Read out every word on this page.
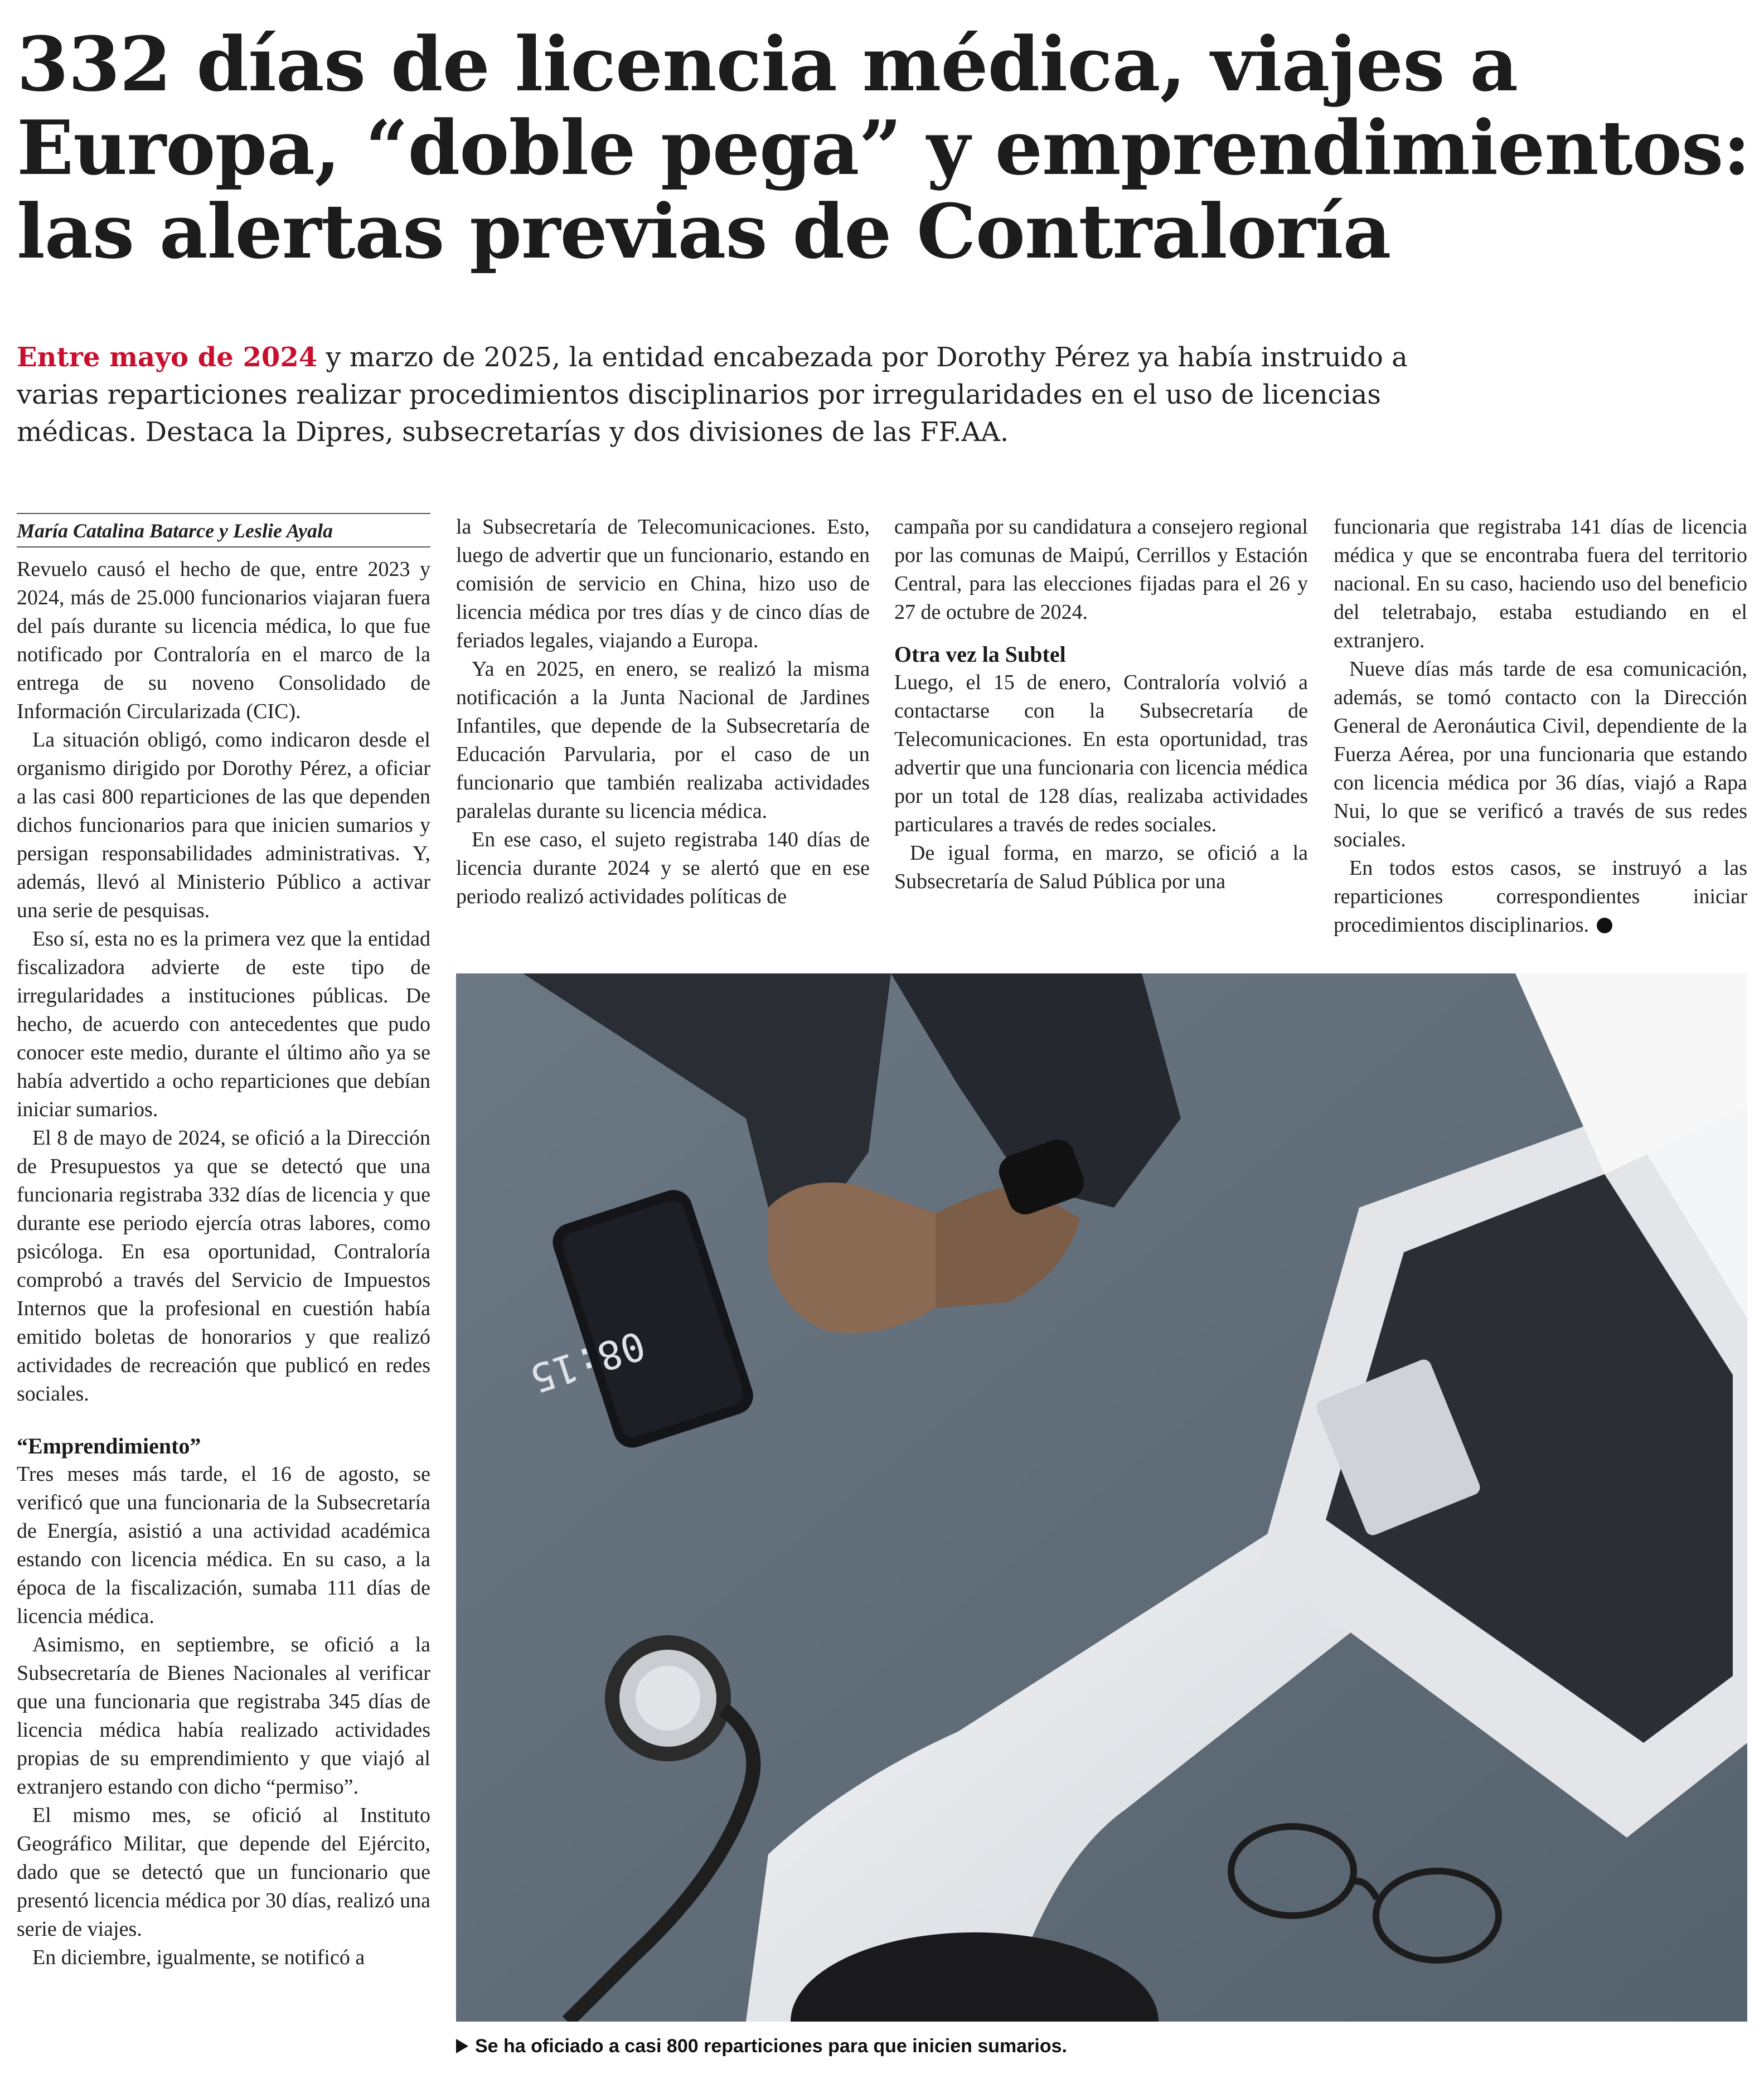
332 días de licencia médica, viajes a
Europa, “doble pega” y emprendimientos:
las alertas previas de Contraloría
Entre mayo de 2024 y marzo de 2025, la entidad encabezada por Dorothy Pérez ya había instruido a varias reparticiones realizar procedimientos disciplinarios por irregularidades en el uso de licencias médicas. Destaca la Dipres, subsecretarías y dos divisiones de las FF.AA.
María Catalina Batarce y Leslie Ayala

Revuelo causó el hecho de que, entre 2023 y 2024, más de 25.000 funcionarios viajaran fuera del país durante su licencia médica, lo que fue notificado por Contraloría en el marco de la entrega de su noveno Consolidado de Información Circularizada (CIC).

La situación obligó, como indicaron desde el organismo dirigido por Dorothy Pérez, a oficiar a las casi 800 reparticiones de las que dependen dichos funcionarios para que inicien sumarios y persigan responsabilidades administrativas. Y, además, llevó al Ministerio Público a activar una serie de pesquisas.

Eso sí, esta no es la primera vez que la entidad fiscalizadora advierte de este tipo de irregularidades a instituciones públicas. De hecho, de acuerdo con antecedentes que pudo conocer este medio, durante el último año ya se había advertido a ocho reparticiones que debían iniciar sumarios.

El 8 de mayo de 2024, se ofició a la Dirección de Presupuestos ya que se detectó que una funcionaria registraba 332 días de licencia y que durante ese periodo ejercía otras labores, como psicóloga. En esa oportunidad, Contraloría comprobó a través del Servicio de Impuestos Internos que la profesional en cuestión había emitido boletas de honorarios y que realizó actividades de recreación que publicó en redes sociales.

“Emprendimiento”

Tres meses más tarde, el 16 de agosto, se verificó que una funcionaria de la Subsecretaría de Energía, asistió a una actividad académica estando con licencia médica. En su caso, a la época de la fiscalización, sumaba 111 días de licencia médica.

Asimismo, en septiembre, se ofició a la Subsecretaría de Bienes Nacionales al verificar que una funcionaria que registraba 345 días de licencia médica había realizado actividades propias de su emprendimiento y que viajó al extranjero estando con dicho “permiso”.

El mismo mes, se ofició al Instituto Geográfico Militar, que depende del Ejército, dado que se detectó que un funcionario que presentó licencia médica por 30 días, realizó una serie de viajes.

En diciembre, igualmente, se notificó a

la Subsecretaría de Telecomunicaciones. Esto, luego de advertir que un funcionario, estando en comisión de servicio en China, hizo uso de licencia médica por tres días y de cinco días de feriados legales, viajando a Europa.

Ya en 2025, en enero, se realizó la misma notificación a la Junta Nacional de Jardines Infantiles, que depende de la Subsecretaría de Educación Parvularia, por el caso de un funcionario que también realizaba actividades paralelas durante su licencia médica.

En ese caso, el sujeto registraba 140 días de licencia durante 2024 y se alertó que en ese periodo realizó actividades políticas de

campaña por su candidatura a consejero regional por las comunas de Maipú, Cerrillos y Estación Central, para las elecciones fijadas para el 26 y 27 de octubre de 2024.

Otra vez la Subtel

Luego, el 15 de enero, Contraloría volvió a contactarse con la Subsecretaría de Telecomunicaciones. En esta oportunidad, tras advertir que una funcionaria con licencia médica por un total de 128 días, realizaba actividades particulares a través de redes sociales.

De igual forma, en marzo, se ofició a la Subsecretaría de Salud Pública por una

funcionaria que registraba 141 días de licencia médica y que se encontraba fuera del territorio nacional. En su caso, haciendo uso del beneficio del teletrabajo, estaba estudiando en el extranjero.

Nueve días más tarde de esa comunicación, además, se tomó contacto con la Dirección General de Aeronáutica Civil, dependiente de la Fuerza Aérea, por una funcionaria que estando con licencia médica por 36 días, viajó a Rapa Nui, lo que se verificó a través de sus redes sociales.

En todos estos casos, se instruyó a las reparticiones correspondientes iniciar procedimientos disciplinarios.

08:15
Se ha oficiado a casi 800 reparticiones para que inicien sumarios.
